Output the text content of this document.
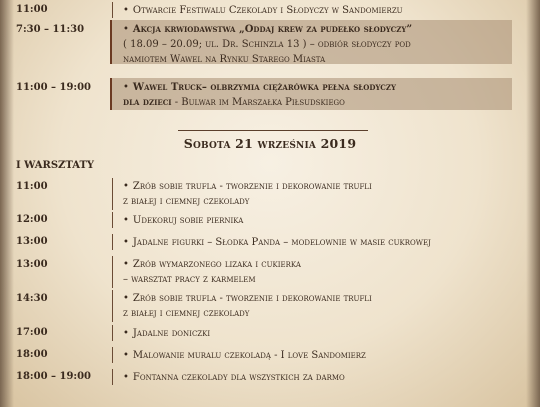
11:00	• Otwarcie Festiwalu Czekolady i Słodyczy w Sandomierzu
7:30 – 11:30	• Akcja krwiodawstwa „Oddaj krew za pudełko słodyczy”
( 18.09 – 20.09; ul. Dr. Schinzla 13 ) – odbiór słodyczy pod
namiotem Wawel na Rynku Starego Miasta
11:00 – 19:00	• Wawel Truck– olbrzymia ciężarówka pełna słodyczy
dla dzieci - Bulwar im Marszałka Piłsudskiego
Sobota 21 września 2019
I WARSZTATY
11:00	• Zrób sobie trufla - tworzenie i dekorowanie trufli
z białej i ciemnej czekolady
12:00	• Udekoruj sobie piernika
13:00	• Jadalne figurki – Słodka Panda – modelownie w masie cukrowej
13:00	• Zrób wymarzonego lizaka i cukierka
– warsztat pracy z karmelem
14:30	• Zrób sobie trufla - tworzenie i dekorowanie trufli
z białej i ciemnej czekolady
17:00	• Jadalne doniczki
18:00	• Malowanie muralu czekoladą - I love Sandomierz
18:00 – 19:00	• Fontanna czekolady dla wszystkich za darmo
